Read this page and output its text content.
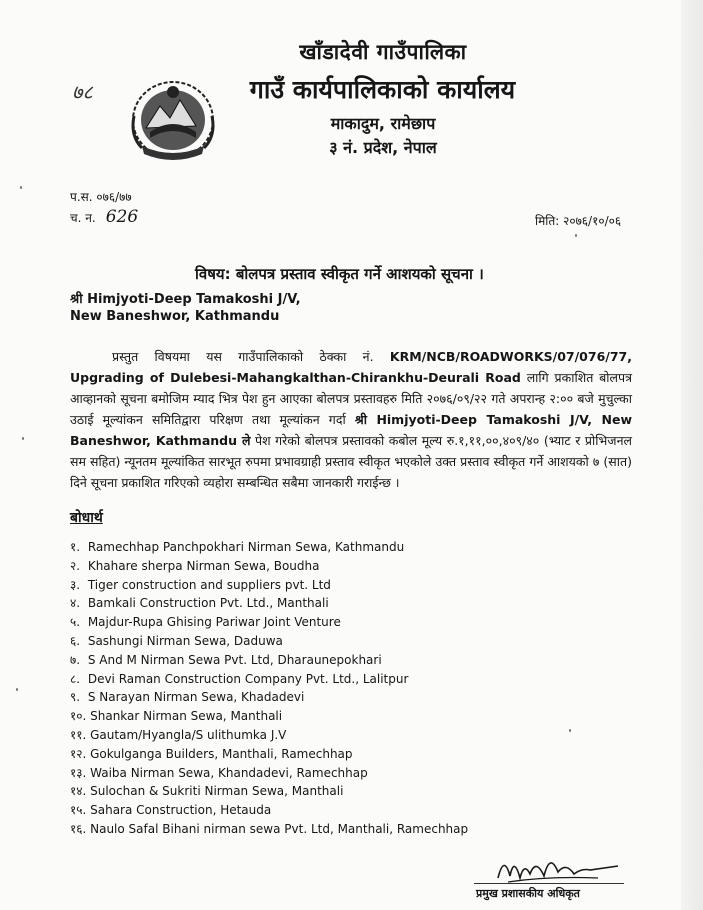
७८
खाँडादेवी गाउँपालिका
गाउँ कार्यपालिकाको कार्यालय
माकादुम, रामेछाप
३ नं. प्रदेश, नेपाल
प.स. ०७६/७७
च. न. 626	मिति: २०७६/१०/०६
विषय: बोलपत्र प्रस्ताव स्वीकृत गर्ने आशयको सूचना ।
श्री Himjyoti-Deep Tamakoshi J/V,
New Baneshwor, Kathmandu
प्रस्तुत विषयमा यस गाउँपालिकाको ठेक्का नं. KRM/NCB/ROADWORKS/07/076/77, Upgrading of Dulebesi-Mahangkalthan-Chirankhu-Deurali Road लागि प्रकाशित बोलपत्र आव्हानको सूचना बमोजिम म्याद भित्र पेश हुन आएका बोलपत्र प्रस्तावहरु मिति २०७६/०९/२२ गते अपरान्ह २:०० बजे मुचुल्का उठाई मूल्यांकन समितिद्वारा परिक्षण तथा मूल्यांकन गर्दा श्री Himjyoti-Deep Tamakoshi J/V, New Baneshwor, Kathmandu ले पेश गरेको बोलपत्र प्रस्तावको कबोल मूल्य रु.१,११,००,४०९/४० (भ्याट र प्रोभिजनल सम सहित) न्यूनतम मूल्यांकित सारभूत रुपमा प्रभावग्राही प्रस्ताव स्वीकृत भएकोले उक्त प्रस्ताव स्वीकृत गर्ने आशयको ७ (सात) दिने सूचना प्रकाशित गरिएको व्यहोरा सम्बन्धित सबैमा जानकारी गराईन्छ ।
बोधार्थ
१. Ramechhap Panchpokhari Nirman Sewa, Kathmandu
२. Khahare sherpa Nirman Sewa, Boudha
३. Tiger construction and suppliers pvt. Ltd
४. Bamkali Construction Pvt. Ltd., Manthali
५. Majdur-Rupa Ghising Pariwar Joint Venture
६. Sashungi Nirman Sewa, Daduwa
७. S And M Nirman Sewa Pvt. Ltd, Dharaunepokhari
८. Devi Raman Construction Company Pvt. Ltd., Lalitpur
९. S Narayan Nirman Sewa, Khadadevi
१०. Shankar Nirman Sewa, Manthali
११. Gautam/Hyangla/S ulithumka J.V
१२. Gokulganga Builders, Manthali, Ramechhap
१३. Waiba Nirman Sewa, Khandadevi, Ramechhap
१४. Sulochan & Sukriti Nirman Sewa, Manthali
१५. Sahara Construction, Hetauda
१६. Naulo Safal Bihani nirman sewa Pvt. Ltd, Manthali, Ramechhap
प्रमुख प्रशासकीय अधिकृत
